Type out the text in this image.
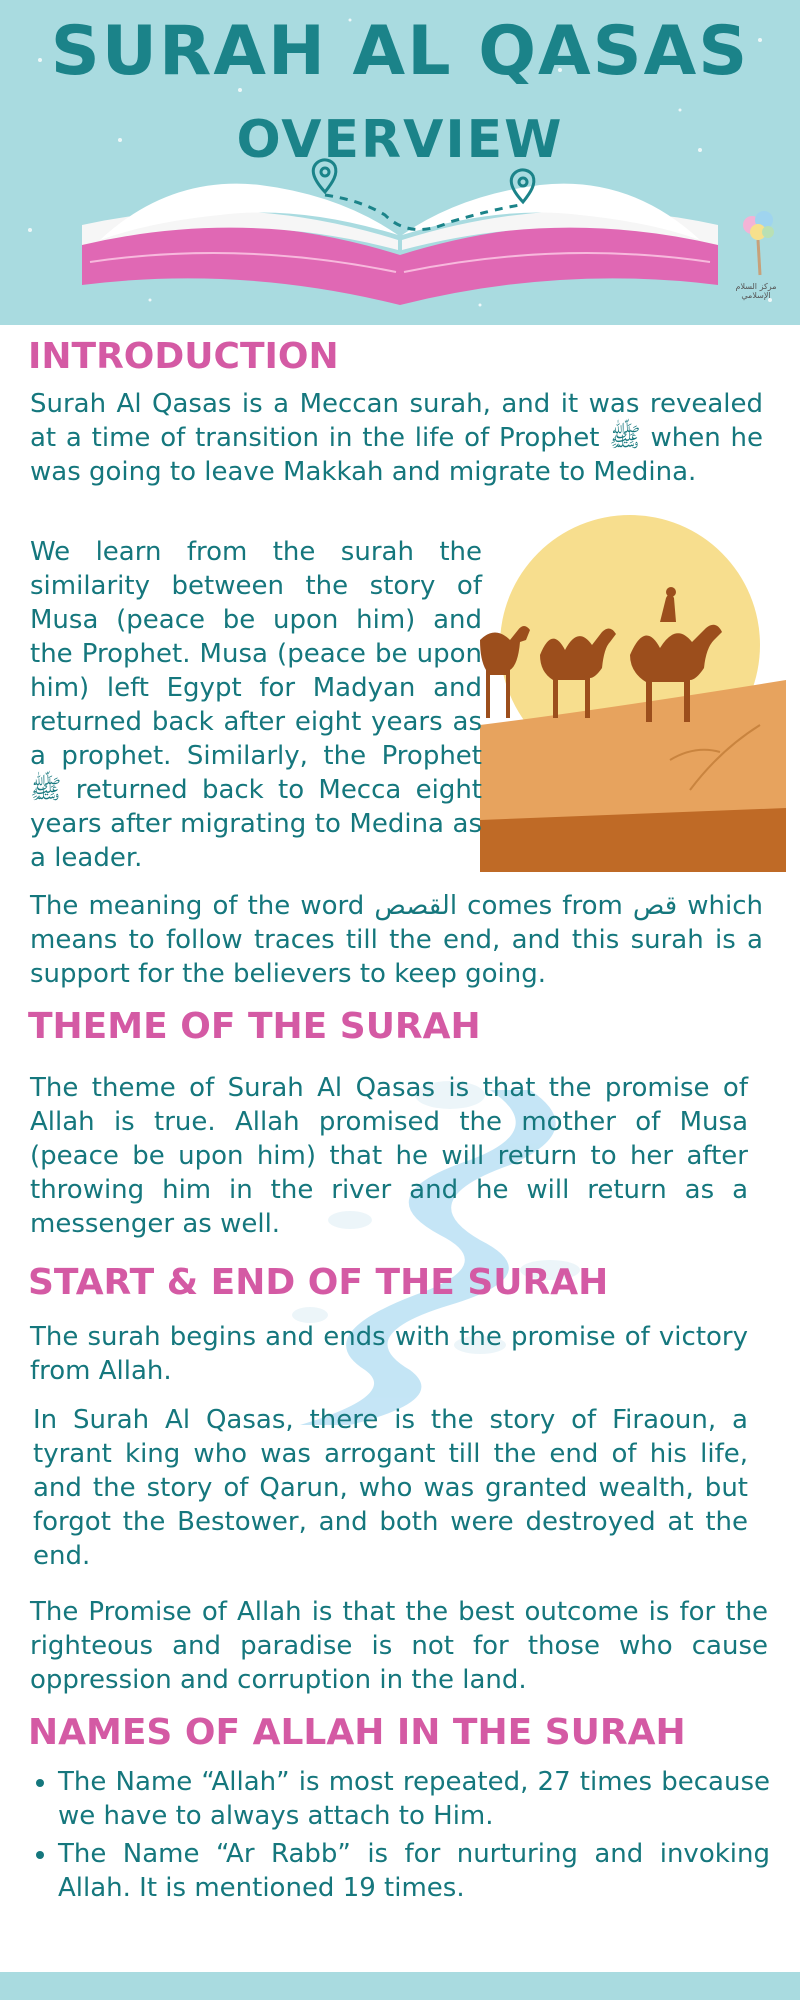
SURAH AL QASAS
OVERVIEW
مركز السلام الإسلامي
INTRODUCTION

Surah Al Qasas is a Meccan surah, and it was revealed at a time of transition in the life of Prophet ﷺ when he was going to leave Makkah and migrate to Medina.

We learn from the surah the similarity between the story of Musa (peace be upon him) and the Prophet. Musa (peace be upon him) left Egypt for Madyan and returned back after eight years as a prophet. Similarly, the Prophet ﷺ returned back to Mecca eight years after migrating to Medina as a leader.

The meaning of the word القصص comes from قص which means to follow traces till the end, and this surah is a support for the believers to keep going.

THEME OF THE SURAH

The theme of Surah Al Qasas is that the promise of Allah is true. Allah promised the mother of Musa (peace be upon him) that he will return to her after throwing him in the river and he will return as a messenger as well.

START & END OF THE SURAH

The surah begins and ends with the promise of victory from Allah.

In Surah Al Qasas, there is the story of Firaoun, a tyrant king who was arrogant till the end of his life, and the story of Qarun, who was granted wealth, but forgot the Bestower, and both were destroyed at the end.

The Promise of Allah is that the best outcome is for the righteous and paradise is not for those who cause oppression and corruption in the land.

NAMES OF ALLAH IN THE SURAH
• The Name “Allah” is most repeated, 27 times because we have to always attach to Him.
• The Name “Ar Rabb” is for nurturing and invoking Allah. It is mentioned 19 times.
